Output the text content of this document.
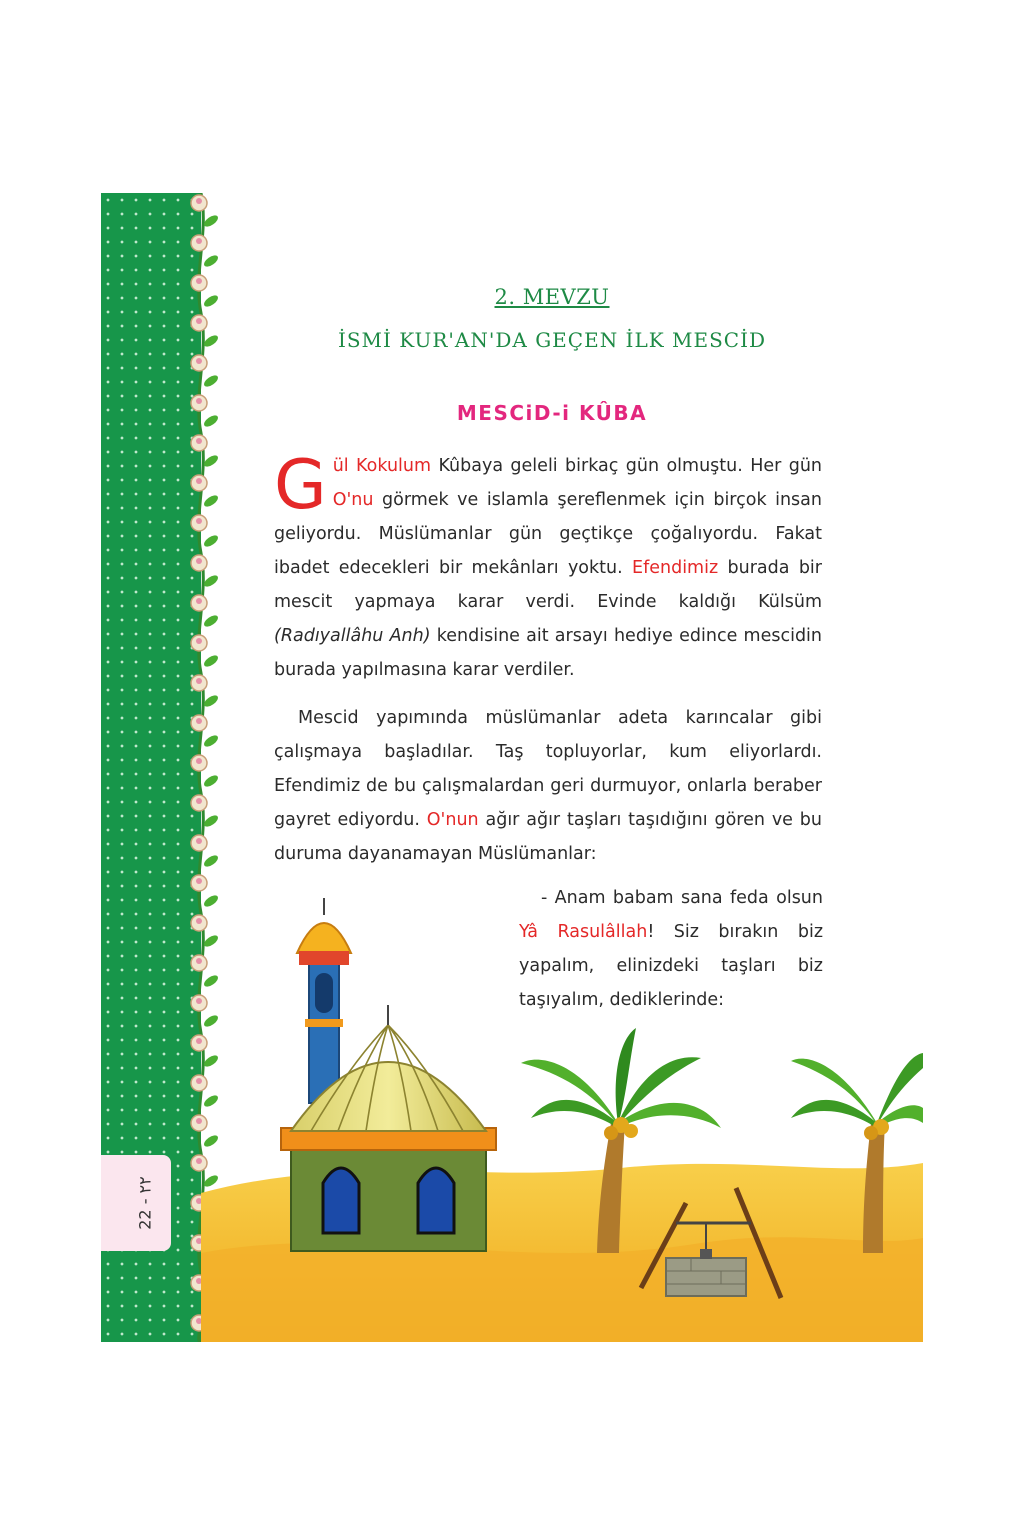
22 - ٢٢
2. MEVZU
İSMİ KUR'AN'DA GEÇEN İLK MESCİD
MESCiD-i KÛBA
Gül Kokulum Kûbaya geleli birkaç gün olmuştu. Her gün O'nu görmek ve islamla şereflenmek için birçok insan geliyordu. Müslümanlar gün geçtikçe çoğalıyordu. Fakat ibadet edecekleri bir mekânları yoktu. Efendimiz burada bir mescit yapmaya karar verdi. Evinde kaldığı Külsüm (Radıyallâhu Anh) kendisine ait arsayı hediye edince mescidin burada yapılmasına karar verdiler.
Mescid yapımında müslümanlar adeta karıncalar gibi çalışmaya başladılar. Taş topluyorlar, kum eliyorlardı. Efendimiz de bu çalışmalardan geri durmuyor, onlarla beraber gayret ediyordu. O'nun ağır ağır taşları taşıdığını gören ve bu duruma dayanamayan Müslümanlar:
- Anam babam sana feda olsun Yâ Rasulâllah! Siz bırakın biz yapalım, elinizdeki taşları biz taşıyalım, dediklerinde:
